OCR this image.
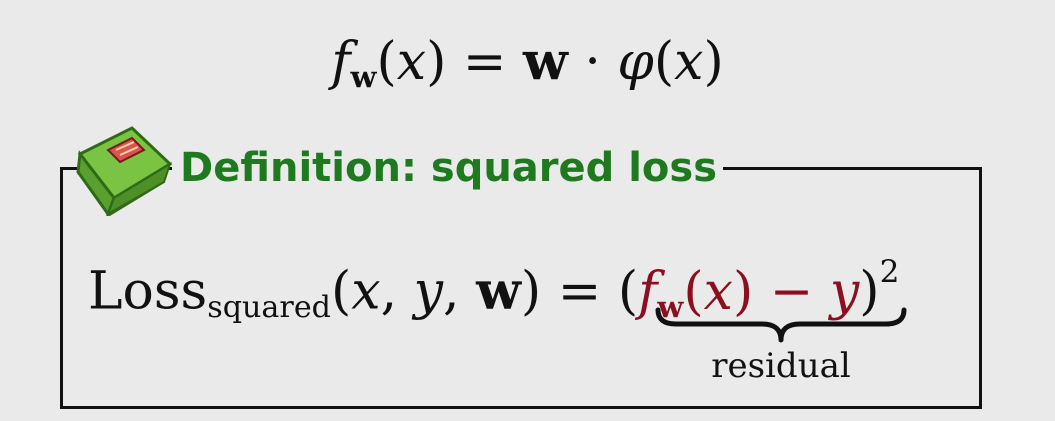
$f_w(x) = w \cdot \varphi(x)$
Definition: squared loss
Loss$_{squared}$(x, y, $w) = (f_w(x) - y)^2$
residual
